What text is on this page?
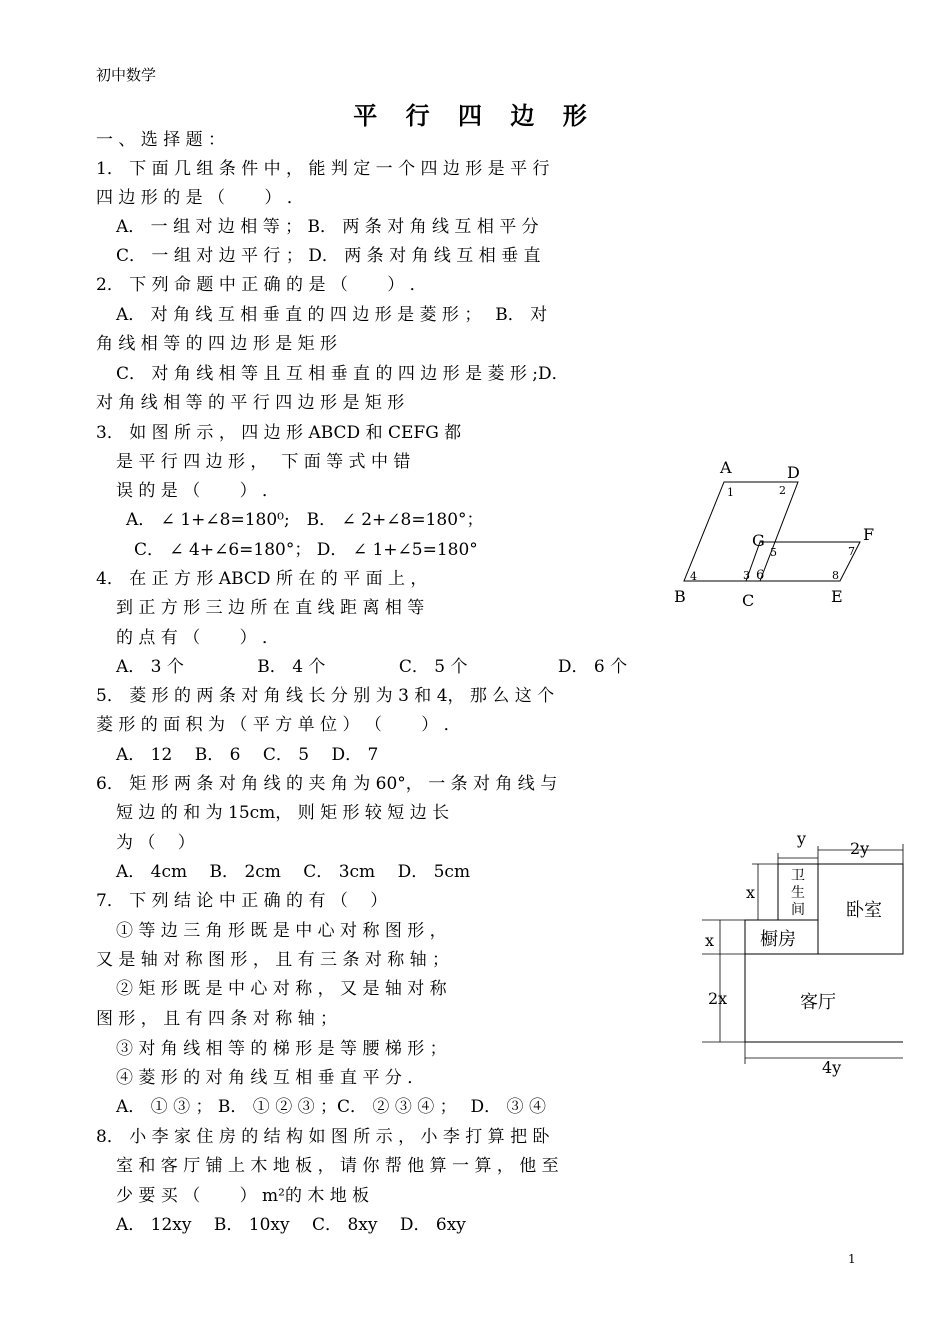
初中数学
平 行 四 边 形
一 、 选 择 题 ：
1． 下 面 几 组 条 件 中 ， 能 判 定 一 个 四 边 形 是 平 行
四 边 形 的 是 （　　 ） ．
A． 一 组 对 边 相 等 ； B． 两 条 对 角 线 互 相 平 分
C． 一 组 对 边 平 行 ； D． 两 条 对 角 线 互 相 垂 直
2． 下 列 命 题 中 正 确 的 是 （　　 ） ．
A． 对 角 线 互 相 垂 直 的 四 边 形 是 菱 形 ；　 B． 对
角 线 相 等 的 四 边 形 是 矩 形
C． 对 角 线 相 等 且 互 相 垂 直 的 四 边 形 是 菱 形 ;D．
对 角 线 相 等 的 平 行 四 边 形 是 矩 形
3． 如 图 所 示 ， 四 边 形 ABCD 和 CEFG 都
是 平 行 四 边 形 ，　 下 面 等 式 中 错
误 的 是 （　　 ） ．
A． ∠ 1+∠8=180⁰;　B． ∠ 2+∠8=180°；
C． ∠ 4+∠6=180°； D． ∠ 1+∠5=180°
4． 在 正 方 形 ABCD 所 在 的 平 面 上 ，
到 正 方 形 三 边 所 在 直 线 距 离 相 等
的 点 有 （　　 ） ．
A． 3 个　　　　 B． 4 个　　　　 C． 5 个　　　　　 D． 6 个
5． 菱 形 的 两 条 对 角 线 长 分 别 为 3 和 4， 那 么 这 个
菱 形 的 面 积 为 （ 平 方 单 位 ） （　　 ） ．
A． 12　 B． 6　 C． 5　 D． 7
6． 矩 形 两 条 对 角 线 的 夹 角 为 60°， 一 条 对 角 线 与
短 边 的 和 为 15cm， 则 矩 形 较 短 边 长
为 （　 ）
A． 4cm　 B． 2cm　 C． 3cm　 D． 5cm
7． 下 列 结 论 中 正 确 的 有 （　 ）
① 等 边 三 角 形 既 是 中 心 对 称 图 形 ，
又 是 轴 对 称 图 形 ， 且 有 三 条 对 称 轴 ；
② 矩 形 既 是 中 心 对 称 ， 又 是 轴 对 称
图 形 ， 且 有 四 条 对 称 轴 ；
③ 对 角 线 相 等 的 梯 形 是 等 腰 梯 形 ；
④ 菱 形 的 对 角 线 互 相 垂 直 平 分 ．
A． ① ③ ； B． ① ② ③ ；C． ② ③ ④ ；　 D． ③ ④
8． 小 李 家 住 房 的 结 构 如 图 所 示 ， 小 李 打 算 把 卧
室 和 客 厅 铺 上 木 地 板 ， 请 你 帮 他 算 一 算 ， 他 至
少 要 买 （　　 ） m²的 木 地 板
A． 12xy　 B． 10xy　 C． 8xy　 D． 6xy
A	D
B	C	E
F
G
1	2
3
4
5
6
7
8
y
2y
x
x
2x
4y
卫
生
间 卧室
橱房
客厅
1
